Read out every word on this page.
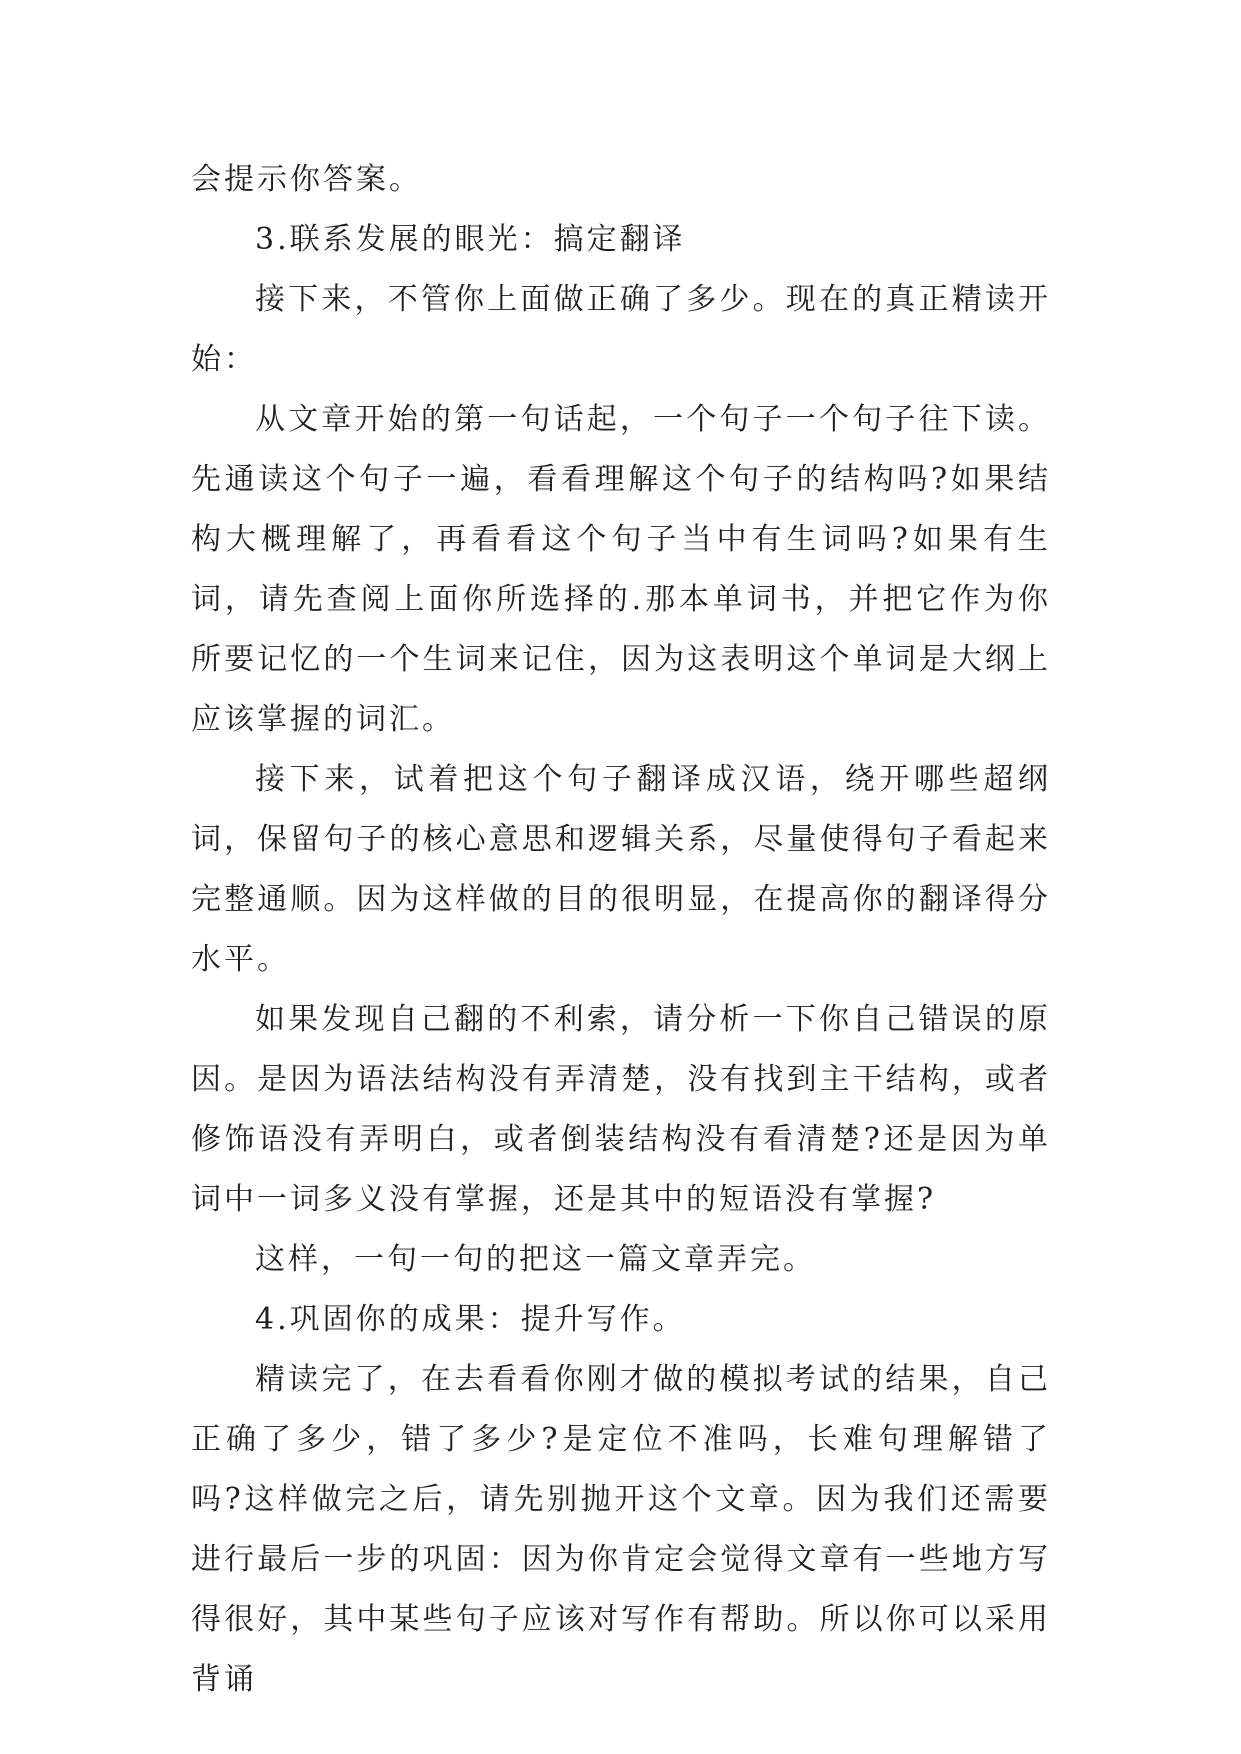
会提示你答案。

3.联系发展的眼光：搞定翻译

接下来，不管你上面做正确了多少。现在的真正精读开始：

从文章开始的第一句话起，一个句子一个句子往下读。先通读这个句子一遍，看看理解这个句子的结构吗?如果结构大概理解了，再看看这个句子当中有生词吗?如果有生词，请先查阅上面你所选择的.那本单词书，并把它作为你所要记忆的一个生词来记住，因为这表明这个单词是大纲上应该掌握的词汇。

接下来，试着把这个句子翻译成汉语，绕开哪些超纲词，保留句子的核心意思和逻辑关系，尽量使得句子看起来完整通顺。因为这样做的目的很明显，在提高你的翻译得分水平。

如果发现自己翻的不利索，请分析一下你自己错误的原因。是因为语法结构没有弄清楚，没有找到主干结构，或者修饰语没有弄明白，或者倒装结构没有看清楚?还是因为单词中一词多义没有掌握，还是其中的短语没有掌握?

这样，一句一句的把这一篇文章弄完。

4.巩固你的成果：提升写作。

精读完了，在去看看你刚才做的模拟考试的结果，自己正确了多少，错了多少?是定位不准吗，长难句理解错了吗?这样做完之后，请先别抛开这个文章。因为我们还需要进行最后一步的巩固：因为你肯定会觉得文章有一些地方写得很好，其中某些句子应该对写作有帮助。所以你可以采用背诵
